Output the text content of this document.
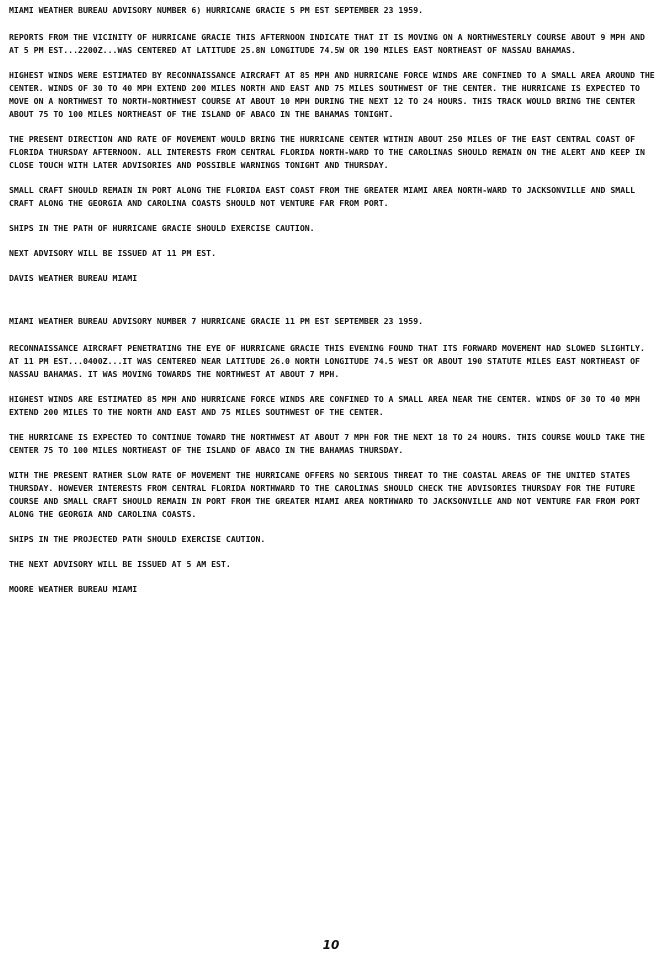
MIAMI WEATHER BUREAU ADVISORY NUMBER 6) HURRICANE GRACIE 5 PM EST SEPTEMBER 23 1959.

REPORTS FROM THE VICINITY OF HURRICANE GRACIE THIS AFTERNOON INDICATE THAT IT IS MOVING ON A NORTHWESTERLY COURSE ABOUT 9 MPH AND AT 5 PM EST...2200Z...WAS CENTERED AT LATITUDE 25.8N LONGITUDE 74.5W OR 190 MILES EAST NORTHEAST OF NASSAU BAHAMAS.

HIGHEST WINDS WERE ESTIMATED BY RECONNAISSANCE AIRCRAFT AT 85 MPH AND HURRICANE FORCE WINDS ARE CONFINED TO A SMALL AREA AROUND THE CENTER. WINDS OF 30 TO 40 MPH EXTEND 200 MILES NORTH AND EAST AND 75 MILES SOUTHWEST OF THE CENTER. THE HURRICANE IS EXPECTED TO MOVE ON A NORTHWEST TO NORTH-NORTHWEST COURSE AT ABOUT 10 MPH DURING THE NEXT 12 TO 24 HOURS. THIS TRACK WOULD BRING THE CENTER ABOUT 75 TO 100 MILES NORTHEAST OF THE ISLAND OF ABACO IN THE BAHAMAS TONIGHT.

THE PRESENT DIRECTION AND RATE OF MOVEMENT WOULD BRING THE HURRICANE CENTER WITHIN ABOUT 250 MILES OF THE EAST CENTRAL COAST OF FLORIDA THURSDAY AFTERNOON. ALL INTERESTS FROM CENTRAL FLORIDA NORTH-WARD TO THE CAROLINAS SHOULD REMAIN ON THE ALERT AND KEEP IN CLOSE TOUCH WITH LATER ADVISORIES AND POSSIBLE WARNINGS TONIGHT AND THURSDAY.

SMALL CRAFT SHOULD REMAIN IN PORT ALONG THE FLORIDA EAST COAST FROM THE GREATER MIAMI AREA NORTH-WARD TO JACKSONVILLE AND SMALL CRAFT ALONG THE GEORGIA AND CAROLINA COASTS SHOULD NOT VENTURE FAR FROM PORT.

SHIPS IN THE PATH OF HURRICANE GRACIE SHOULD EXERCISE CAUTION.

NEXT ADVISORY WILL BE ISSUED AT 11 PM EST.

DAVIS WEATHER BUREAU MIAMI

MIAMI WEATHER BUREAU ADVISORY NUMBER 7 HURRICANE GRACIE 11 PM EST SEPTEMBER 23 1959.

RECONNAISSANCE AIRCRAFT PENETRATING THE EYE OF HURRICANE GRACIE THIS EVENING FOUND THAT ITS FORWARD MOVEMENT HAD SLOWED SLIGHTLY. AT 11 PM EST...0400Z...IT WAS CENTERED NEAR LATITUDE 26.0 NORTH LONGITUDE 74.5 WEST OR ABOUT 190 STATUTE MILES EAST NORTHEAST OF NASSAU BAHAMAS. IT WAS MOVING TOWARDS THE NORTHWEST AT ABOUT 7 MPH.

HIGHEST WINDS ARE ESTIMATED 85 MPH AND HURRICANE FORCE WINDS ARE CONFINED TO A SMALL AREA NEAR THE CENTER. WINDS OF 30 TO 40 MPH EXTEND 200 MILES TO THE NORTH AND EAST AND 75 MILES SOUTHWEST OF THE CENTER.

THE HURRICANE IS EXPECTED TO CONTINUE TOWARD THE NORTHWEST AT ABOUT 7 MPH FOR THE NEXT 18 TO 24 HOURS. THIS COURSE WOULD TAKE THE CENTER 75 TO 100 MILES NORTHEAST OF THE ISLAND OF ABACO IN THE BAHAMAS THURSDAY.

WITH THE PRESENT RATHER SLOW RATE OF MOVEMENT THE HURRICANE OFFERS NO SERIOUS THREAT TO THE COASTAL AREAS OF THE UNITED STATES THURSDAY. HOWEVER INTERESTS FROM CENTRAL FLORIDA NORTHWARD TO THE CAROLINAS SHOULD CHECK THE ADVISORIES THURSDAY FOR THE FUTURE COURSE AND SMALL CRAFT SHOULD REMAIN IN PORT FROM THE GREATER MIAMI AREA NORTHWARD TO JACKSONVILLE AND NOT VENTURE FAR FROM PORT ALONG THE GEORGIA AND CAROLINA COASTS.

SHIPS IN THE PROJECTED PATH SHOULD EXERCISE CAUTION.

THE NEXT ADVISORY WILL BE ISSUED AT 5 AM EST.

MOORE WEATHER BUREAU MIAMI

10
